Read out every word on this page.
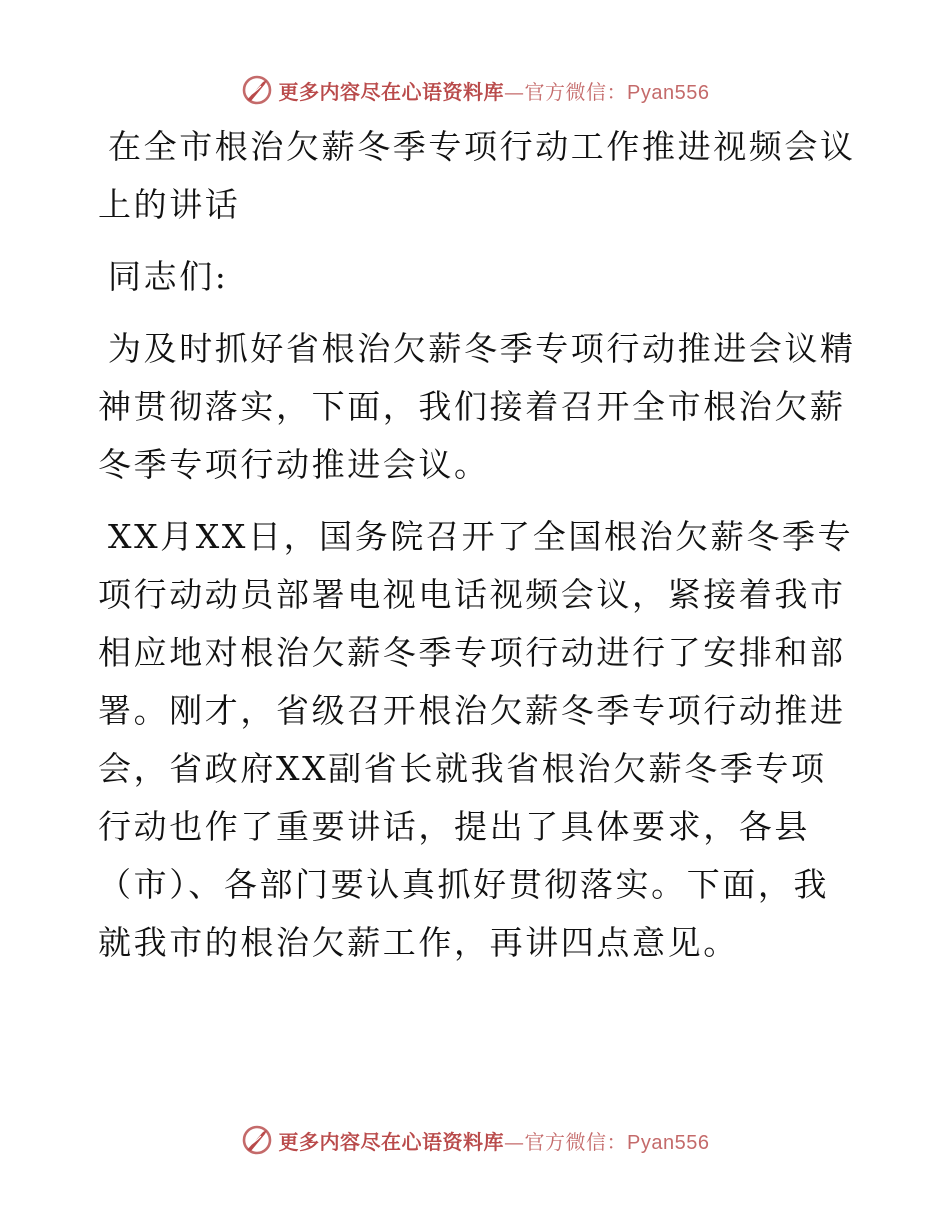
更多内容尽在心语资料库—官方微信：Pyan556

在全市根治欠薪冬季专项行动工作推进视频会议上的讲话

同志们:

为及时抓好省根治欠薪冬季专项行动推进会议精神贯彻落实，下面，我们接着召开全市根治欠薪冬季专项行动推进会议。

XX月XX日，国务院召开了全国根治欠薪冬季专项行动动员部署电视电话视频会议，紧接着我市相应地对根治欠薪冬季专项行动进行了安排和部署。刚才，省级召开根治欠薪冬季专项行动推进会，省政府XX副省长就我省根治欠薪冬季专项行动也作了重要讲话，提出了具体要求，各县（市）、各部门要认真抓好贯彻落实。下面，我就我市的根治欠薪工作，再讲四点意见。

更多内容尽在心语资料库—官方微信：Pyan556
